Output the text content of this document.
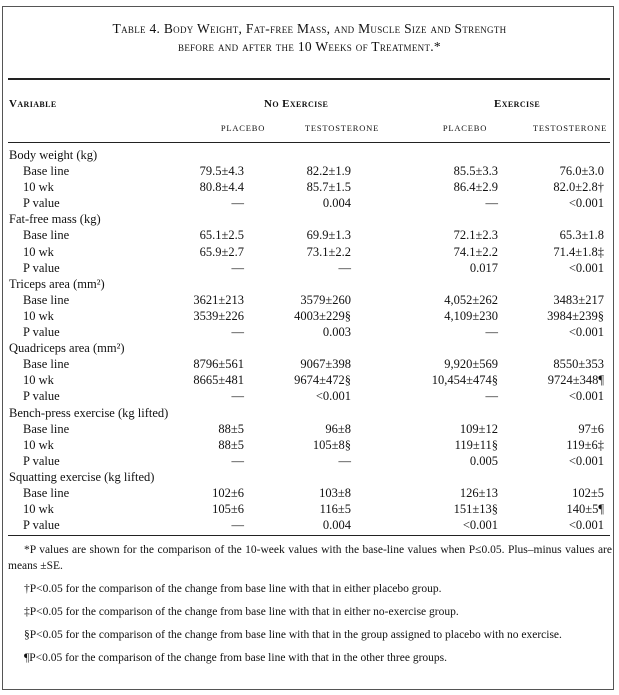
Table 4. Body Weight, Fat-free Mass, and Muscle Size and Strength
before and after the 10 Weeks of Treatment.*
Variable	No Exercise	Exercise
PLACEBO	TESTOSTERONE	PLACEBO	TESTOSTERONE
Body weight (kg)
Base line	79.5±4.3	82.2±1.9	85.5±3.3	76.0±3.0
10 wk	80.8±4.4	85.7±1.5	86.4±2.9	82.0±2.8†
P value	—	0.004	—	<0.001
Fat-free mass (kg)
Base line	65.1±2.5	69.9±1.3	72.1±2.3	65.3±1.8
10 wk	65.9±2.7	73.1±2.2	74.1±2.2	71.4±1.8‡
P value	—	—	0.017	<0.001
Triceps area (mm²)
Base line	3621±213	3579±260	4,052±262	3483±217
10 wk	3539±226	4003±229§	4,109±230	3984±239§
P value	—	0.003	—	<0.001
Quadriceps area (mm²)
Base line	8796±561	9067±398	9,920±569	8550±353
10 wk	8665±481	9674±472§	10,454±474§	9724±348¶
P value	—	<0.001	—	<0.001
Bench-press exercise (kg lifted)
Base line	88±5	96±8	109±12	97±6
10 wk	88±5	105±8§	119±11§	119±6‡
P value	—	—	0.005	<0.001
Squatting exercise (kg lifted)
Base line	102±6	103±8	126±13	102±5
10 wk	105±6	116±5	151±13§	140±5¶
P value	—	0.004	<0.001	<0.001

*P values are shown for the comparison of the 10-week values with the base-line values when P≤0.05. Plus–minus values are means ±SE.

†P<0.05 for the comparison of the change from base line with that in either placebo group.

‡P<0.05 for the comparison of the change from base line with that in either no-exercise group.

§P<0.05 for the comparison of the change from base line with that in the group assigned to placebo with no exercise.

¶P<0.05 for the comparison of the change from base line with that in the other three groups.
